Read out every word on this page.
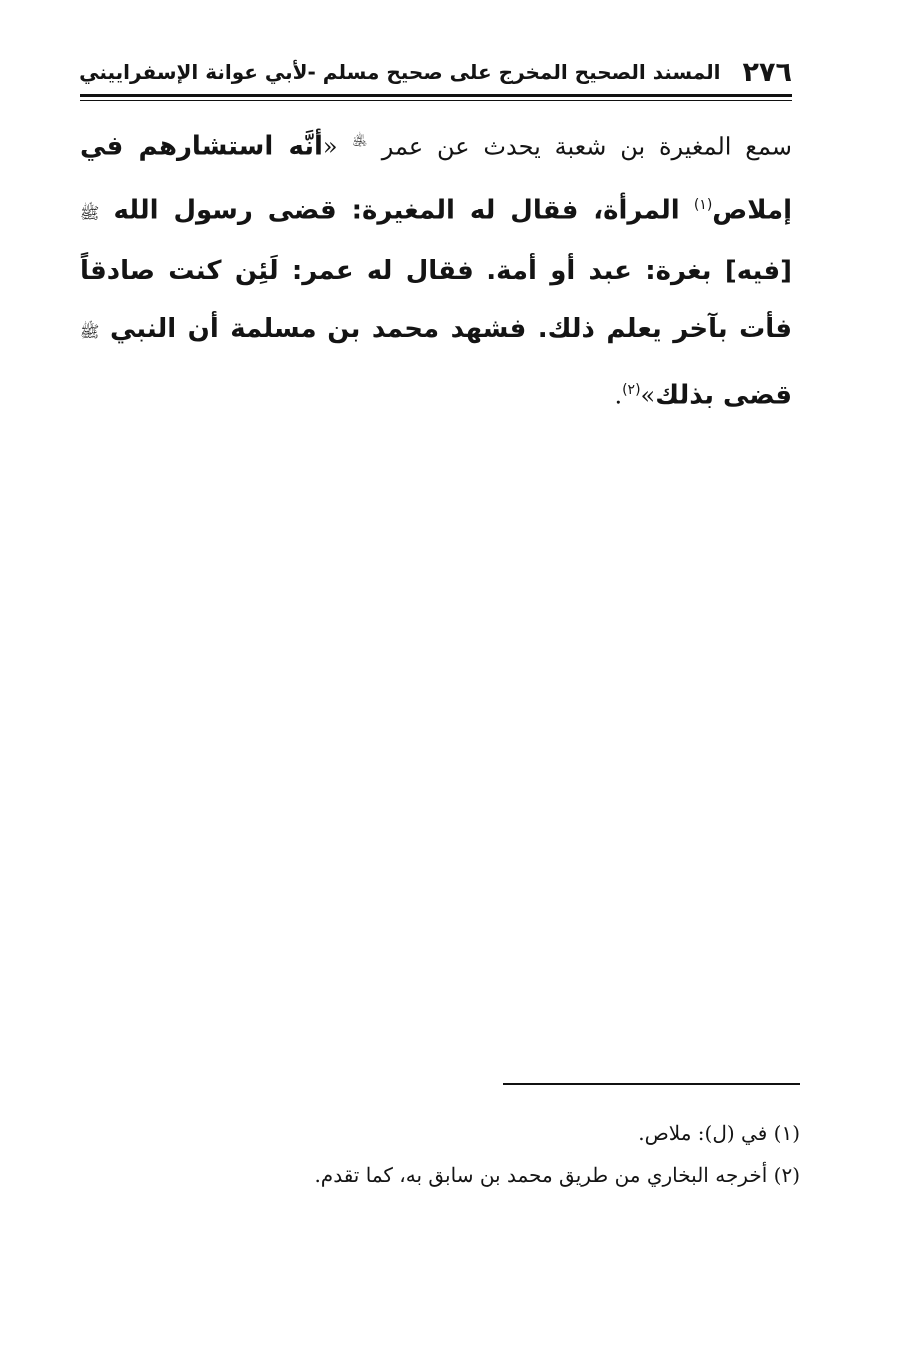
٢٧٦
المسند الصحيح المخرج على صحيح مسلم -لأبي عوانة الإسفراييني
سمع المغيرة بن شعبة يحدث عن عمر ﵁ «أنَّه استشارهم في إملاص$^{(١)}$ المرأة، فقال له المغيرة: قضى رسول الله ﷺ [فيه] بغرة: عبد أو أمة. فقال له عمر: لَئِن كنت صادقاً فأت بآخر يعلم ذلك. فشهد محمد بن مسلمة أن النبي ﷺ قضى بذلك»$^{(٢)}$.
(١) في (ل): ملاص.
(٢) أخرجه البخاري من طريق محمد بن سابق به، كما تقدم.
